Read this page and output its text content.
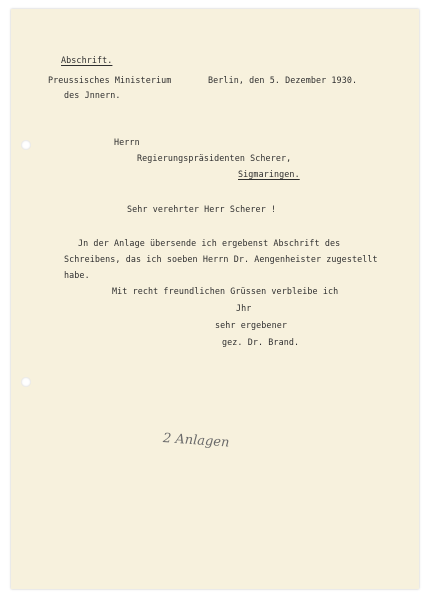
Abschrift.
Preussisches Ministerium
des Jnnern.
Berlin, den 5. Dezember 1930.
Herrn
Regierungspräsidenten Scherer,
Sigmaringen.
Sehr verehrter Herr Scherer !
Jn der Anlage übersende ich ergebenst Abschrift des
Schreibens, das ich soeben Herrn Dr. Aengenheister zugestellt
habe.
Mit recht freundlichen Grüssen verbleibe ich
Jhr
sehr ergebener
gez. Dr. Brand.
2 Anlagen
